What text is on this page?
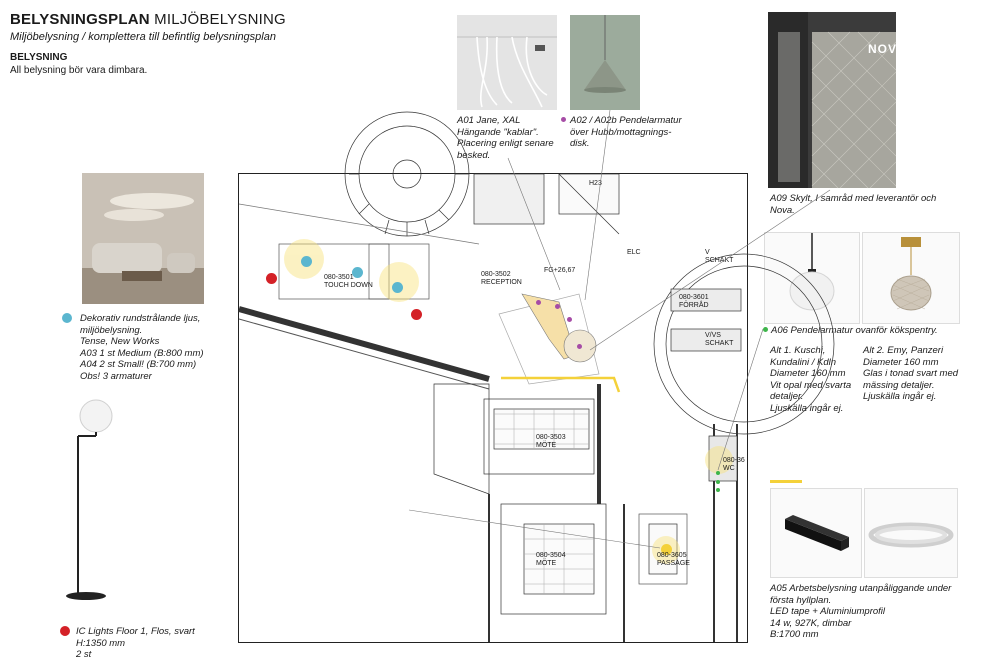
BELYSNINGSPLAN MILJÖBELYSNING
Miljöbelysning / komplettera till befintlig belysningsplan
BELYSNING
All belysning bör vara dimbara.
NOVA
A01 Jane, XAL
Hängande "kablar".
Placering enligt senare
besked.
A02 / A02b Pendelarmatur
över Hubb/mottagnings-
disk.
A09 Skylt, I samråd med leverantör och
Nova.
Dekorativ rundstrålande ljus,
miljöbelysning.
Tense, New Works
A03 1 st Medium (B:800 mm)
A04 2 st Small! (B:700 mm)
Obs! 3 armaturer
IC Lights Floor 1, Flos, svart
H:1350 mm
2 st
A06 Pendelarmatur ovanför kökspentry.
Alt 1. Kuschi,
Kundalini / Kdln
Diameter 160 mm
Vit opal med svarta
detaljer.
Ljuskälla ingår ej.
Alt 2. Emy, Panzeri
Diameter 160 mm
Glas i tonad svart med
mässing detaljer.
Ljuskälla ingår ej.
A05 Arbetsbelysning utanpåliggande under
första hyllplan.
LED tape + Aluminiumprofil
14 w, 927K, dimbar
B:1700 mm
080-3501
TOUCH DOWN
080-3502
RECEPTION
FG+26,67
080-3601
FÖRRÅD
V SCHAKT
V/VS SCHAKT
H23
ELC
080-3503
MÖTE
080-3504
MÖTE
080-3605
PASSAGE
080-36
WC
